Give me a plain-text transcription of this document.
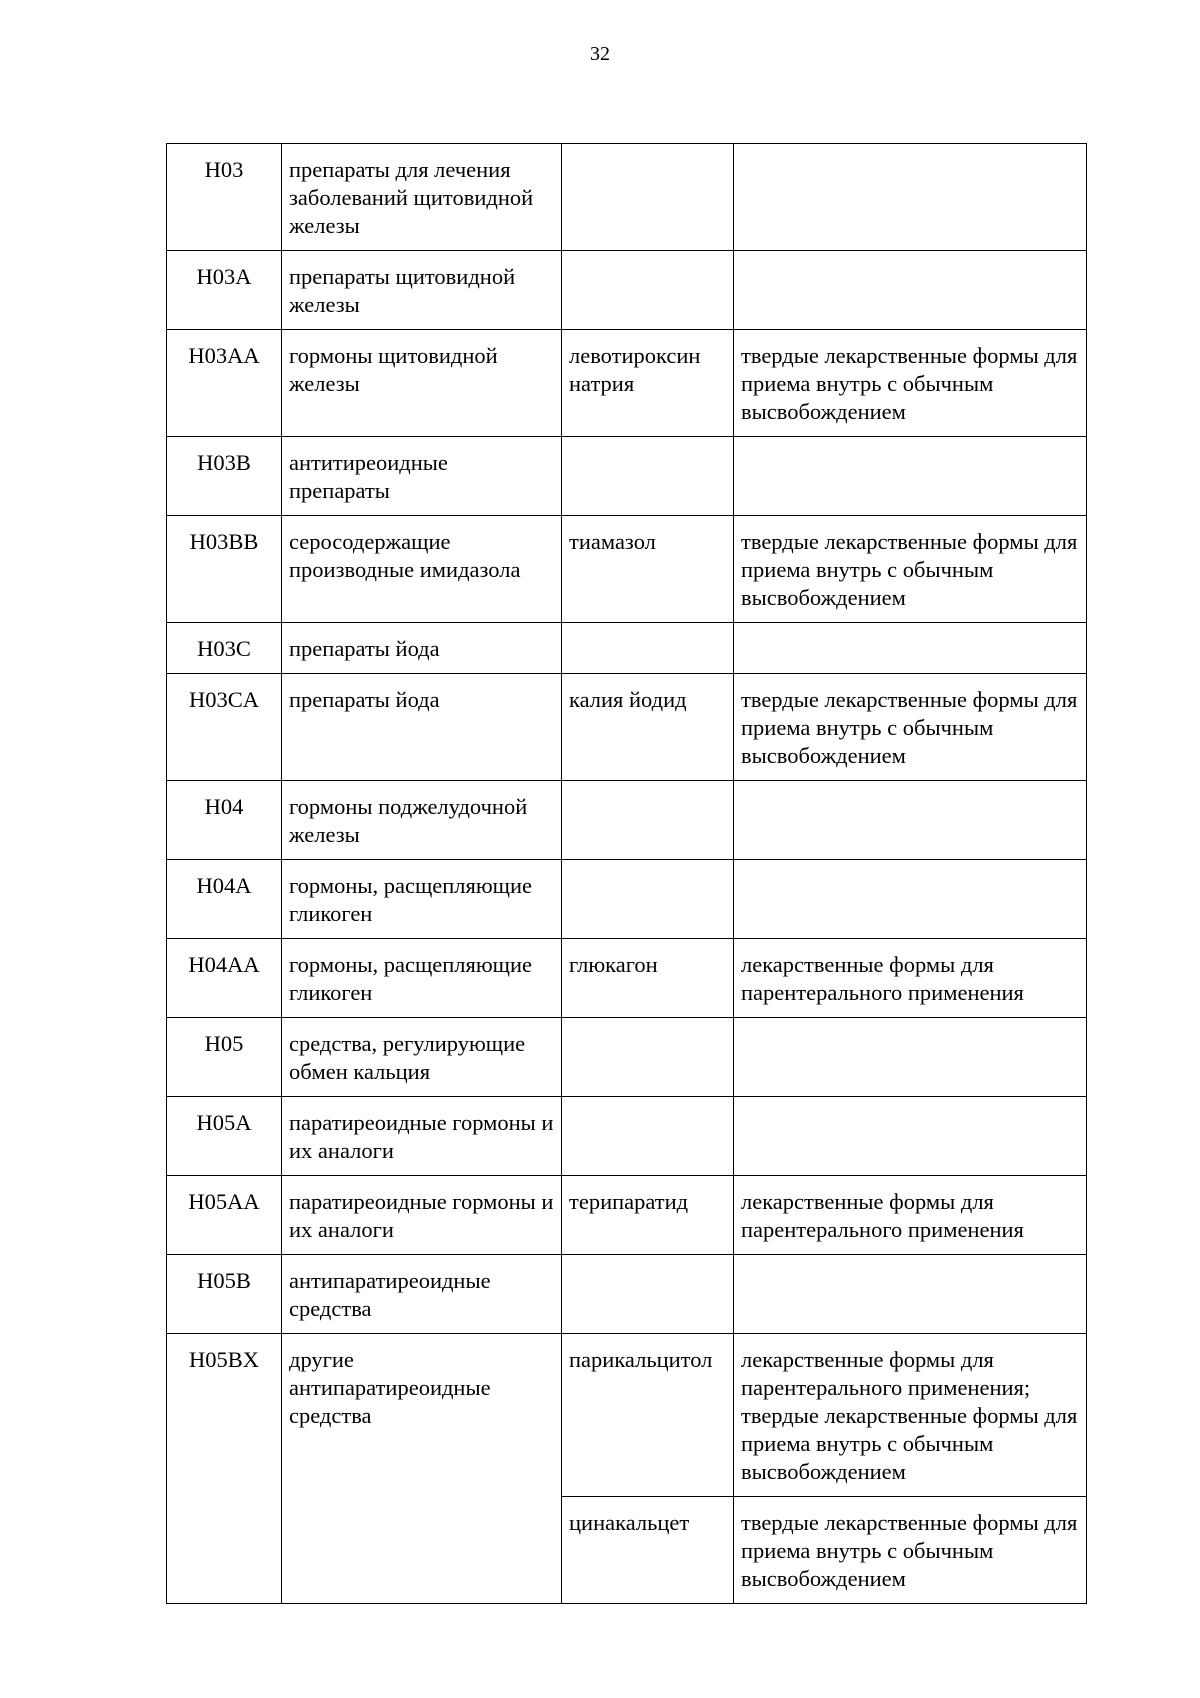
32
H03	препараты для лечения заболеваний щитовидной железы		
H03A	препараты щитовидной железы		
H03AA	гормоны щитовидной железы	левотироксин натрия	твердые лекарственные формы для приема внутрь с обычным высвобождением
H03B	антитиреоидные препараты		
H03BB	серосодержащие производные имидазола	тиамазол	твердые лекарственные формы для приема внутрь с обычным высвобождением
H03C	препараты йода		
H03CA	препараты йода	калия йодид	твердые лекарственные формы для приема внутрь с обычным высвобождением
H04	гормоны поджелудочной железы		
H04A	гормоны, расщепляющие гликоген		
H04AA	гормоны, расщепляющие гликоген	глюкагон	лекарственные формы для парентерального применения
H05	средства, регулирующие обмен кальция		
H05A	паратиреоидные гормоны и их аналоги		
H05AA	паратиреоидные гормоны и их аналоги	терипаратид	лекарственные формы для парентерального применения
H05B	антипаратиреоидные средства		
H05BX	другие антипаратиреоидные средства	парикальцитол	лекарственные формы для парентерального применения; твердые лекарственные формы для приема внутрь с обычным высвобождением
		цинакальцет	твердые лекарственные формы для приема внутрь с обычным высвобождением
